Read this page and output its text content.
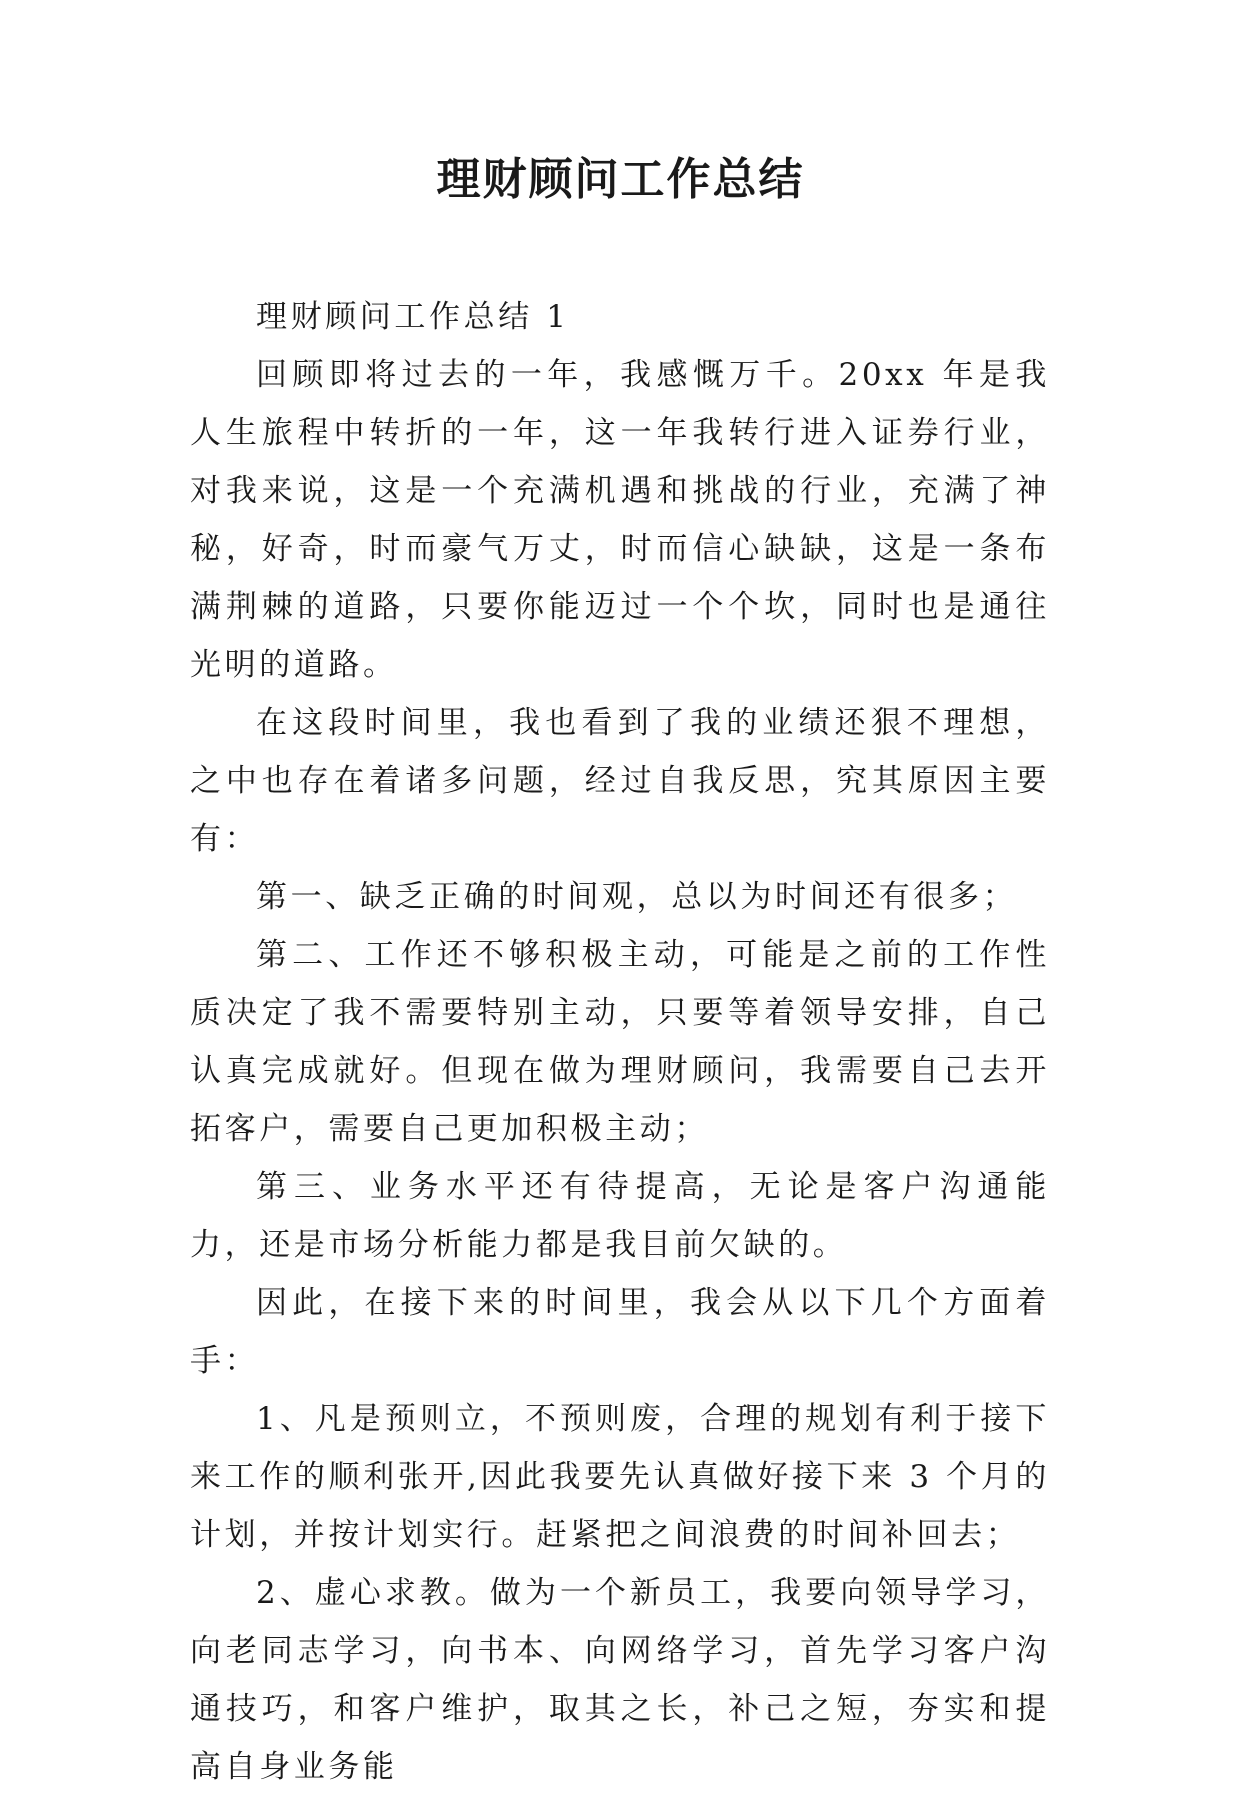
理财顾问工作总结

理财顾问工作总结 1

回顾即将过去的一年，我感慨万千。20xx 年是我人生旅程中转折的一年，这一年我转行进入证券行业，对我来说，这是一个充满机遇和挑战的行业，充满了神秘，好奇，时而豪气万丈，时而信心缺缺，这是一条布满荆棘的道路，只要你能迈过一个个坎，同时也是通往光明的道路。

在这段时间里，我也看到了我的业绩还狠不理想，之中也存在着诸多问题，经过自我反思，究其原因主要有：

第一、缺乏正确的时间观，总以为时间还有很多；

第二、工作还不够积极主动，可能是之前的工作性质决定了我不需要特别主动，只要等着领导安排，自己认真完成就好。但现在做为理财顾问，我需要自己去开拓客户，需要自己更加积极主动；

第三、业务水平还有待提高，无论是客户沟通能力，还是市场分析能力都是我目前欠缺的。

因此，在接下来的时间里，我会从以下几个方面着手：

1、凡是预则立，不预则废，合理的规划有利于接下来工作的顺利张开,因此我要先认真做好接下来 3 个月的计划，并按计划实行。赶紧把之间浪费的时间补回去；

2、虚心求教。做为一个新员工，我要向领导学习，向老同志学习，向书本、向网络学习，首先学习客户沟通技巧，和客户维护，取其之长，补己之短，夯实和提高自身业务能
